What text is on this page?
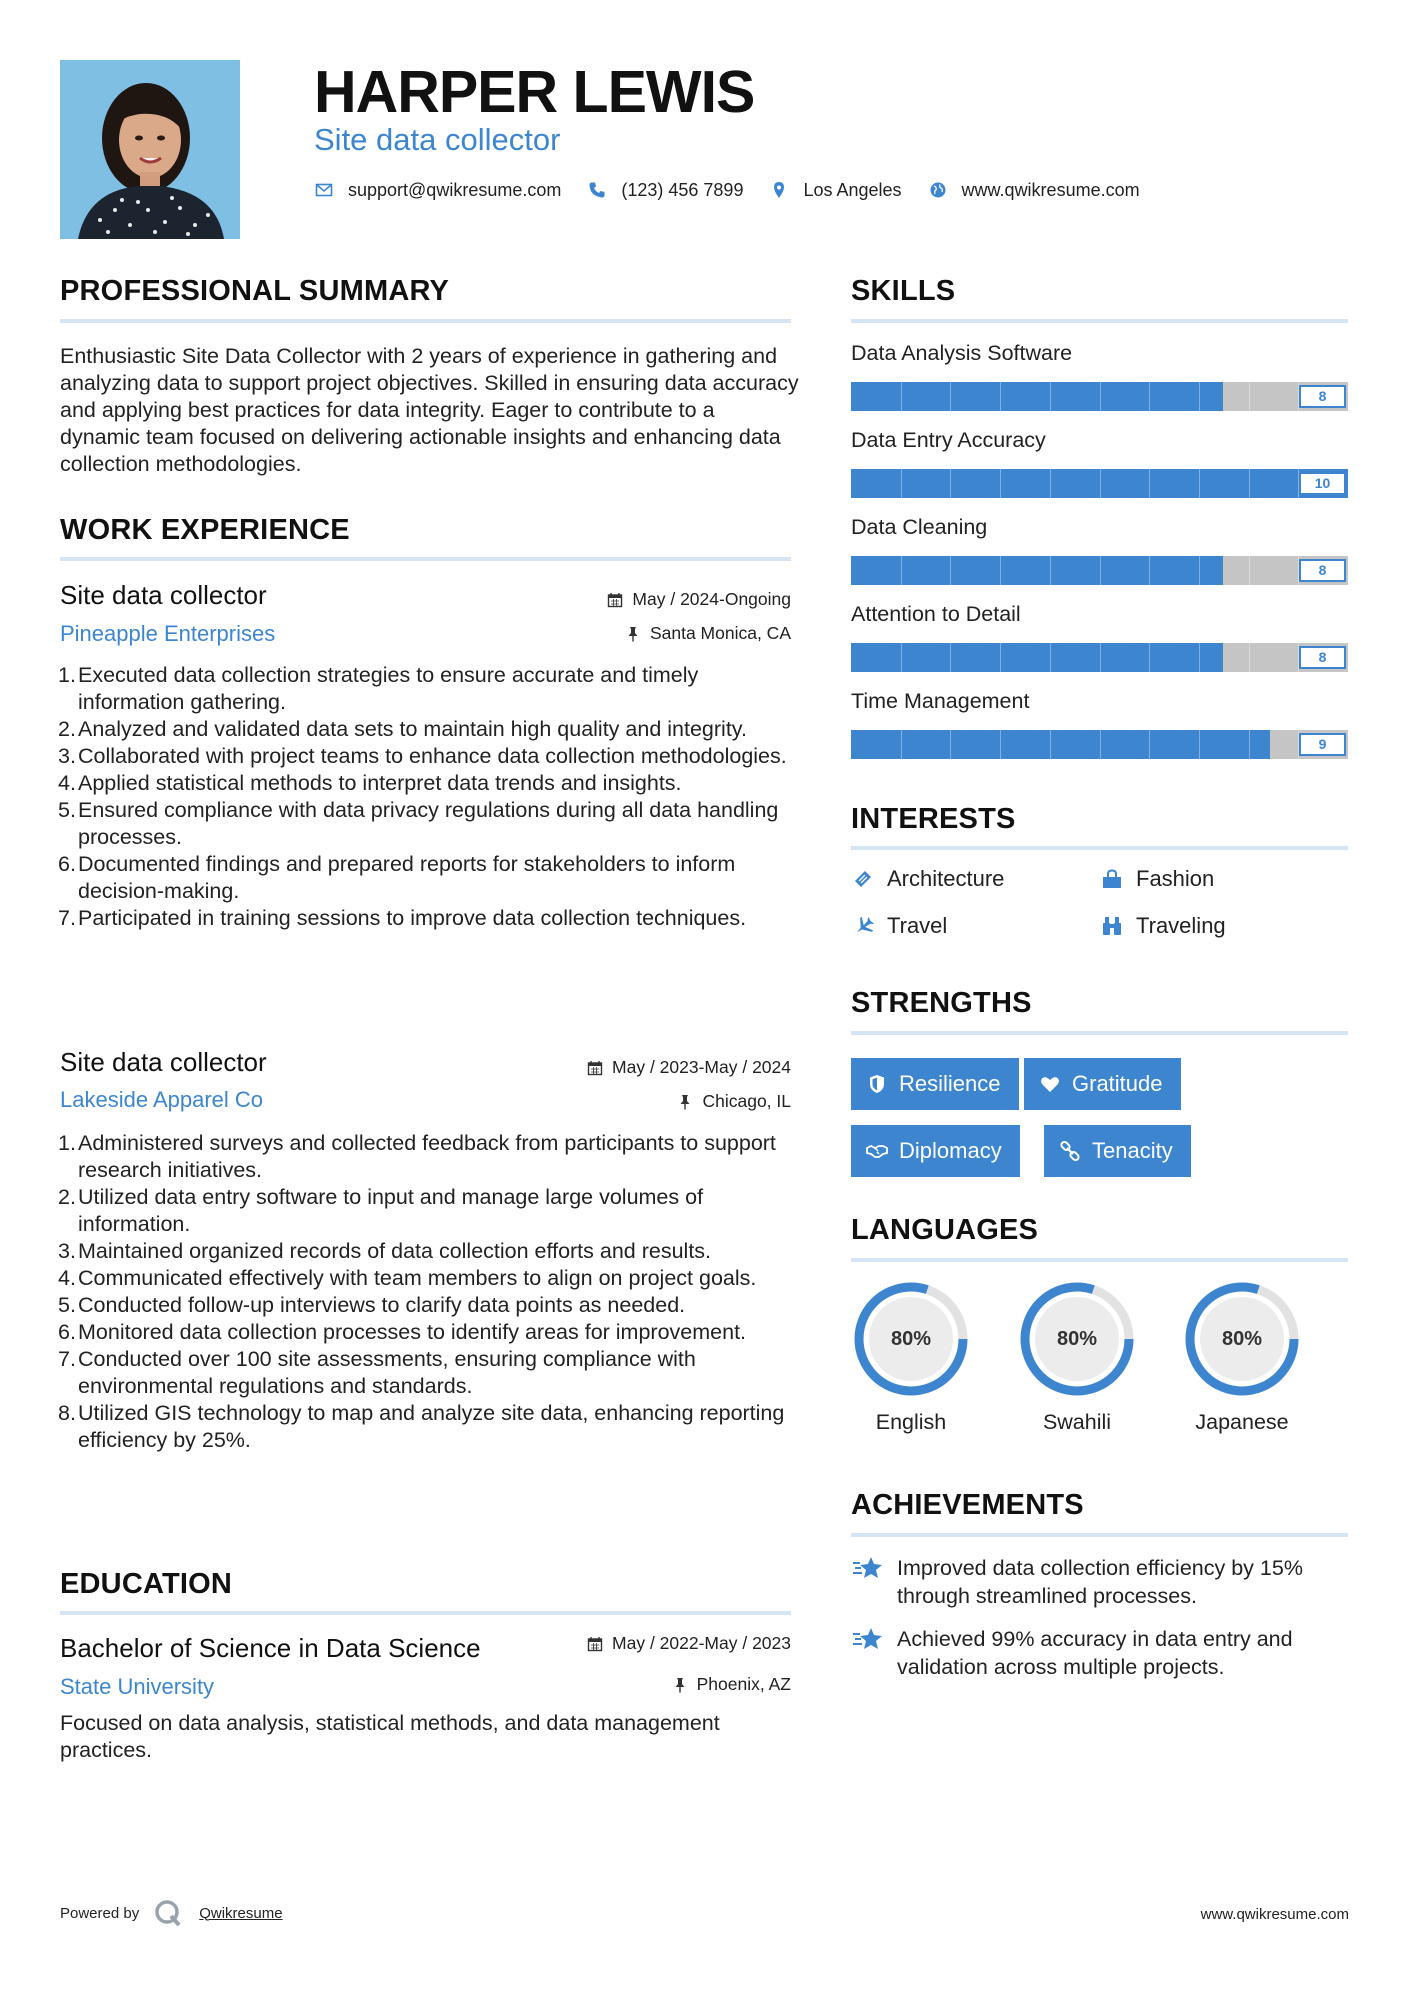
HARPER LEWIS
Site data collector
support@qwikresume.com	(123) 456 7899	Los Angeles	www.qwikresume.com
PROFESSIONAL SUMMARY
Enthusiastic Site Data Collector with 2 years of experience in gathering and analyzing data to support project objectives. Skilled in ensuring data accuracy and applying best practices for data integrity. Eager to contribute to a dynamic team focused on delivering actionable insights and enhancing data collection methodologies.
WORK EXPERIENCE
Site data collector
Pineapple Enterprises
May / 2024-Ongoing
Santa Monica, CA
Executed data collection strategies to ensure accurate and timely information gathering.
Analyzed and validated data sets to maintain high quality and integrity.
Collaborated with project teams to enhance data collection methodologies.
Applied statistical methods to interpret data trends and insights.
Ensured compliance with data privacy regulations during all data handling processes.
Documented findings and prepared reports for stakeholders to inform decision-making.
Participated in training sessions to improve data collection techniques.
Site data collector
Lakeside Apparel Co
May / 2023-May / 2024
Chicago, IL
Administered surveys and collected feedback from participants to support research initiatives.
Utilized data entry software to input and manage large volumes of information.
Maintained organized records of data collection efforts and results.
Communicated effectively with team members to align on project goals.
Conducted follow-up interviews to clarify data points as needed.
Monitored data collection processes to identify areas for improvement.
Conducted over 100 site assessments, ensuring compliance with environmental regulations and standards.
Utilized GIS technology to map and analyze site data, enhancing reporting efficiency by 25%.
EDUCATION
Bachelor of Science in Data Science
State University
May / 2022-May / 2023
Phoenix, AZ
Focused on data analysis, statistical methods, and data management practices.
SKILLS
Data Analysis Software
8
Data Entry Accuracy
10
Data Cleaning
8
Attention to Detail
8
Time Management
9
INTERESTS
Architecture	Fashion
Travel	Traveling
STRENGTHS
Resilience	Gratitude
Diplomacy	Tenacity
LANGUAGES
80%
English
80%
Swahili
80%
Japanese
ACHIEVEMENTS
Improved data collection efficiency by 15% through streamlined processes.
Achieved 99% accuracy in data entry and validation across multiple projects.
Powered by	Qwikresume	www.qwikresume.com
